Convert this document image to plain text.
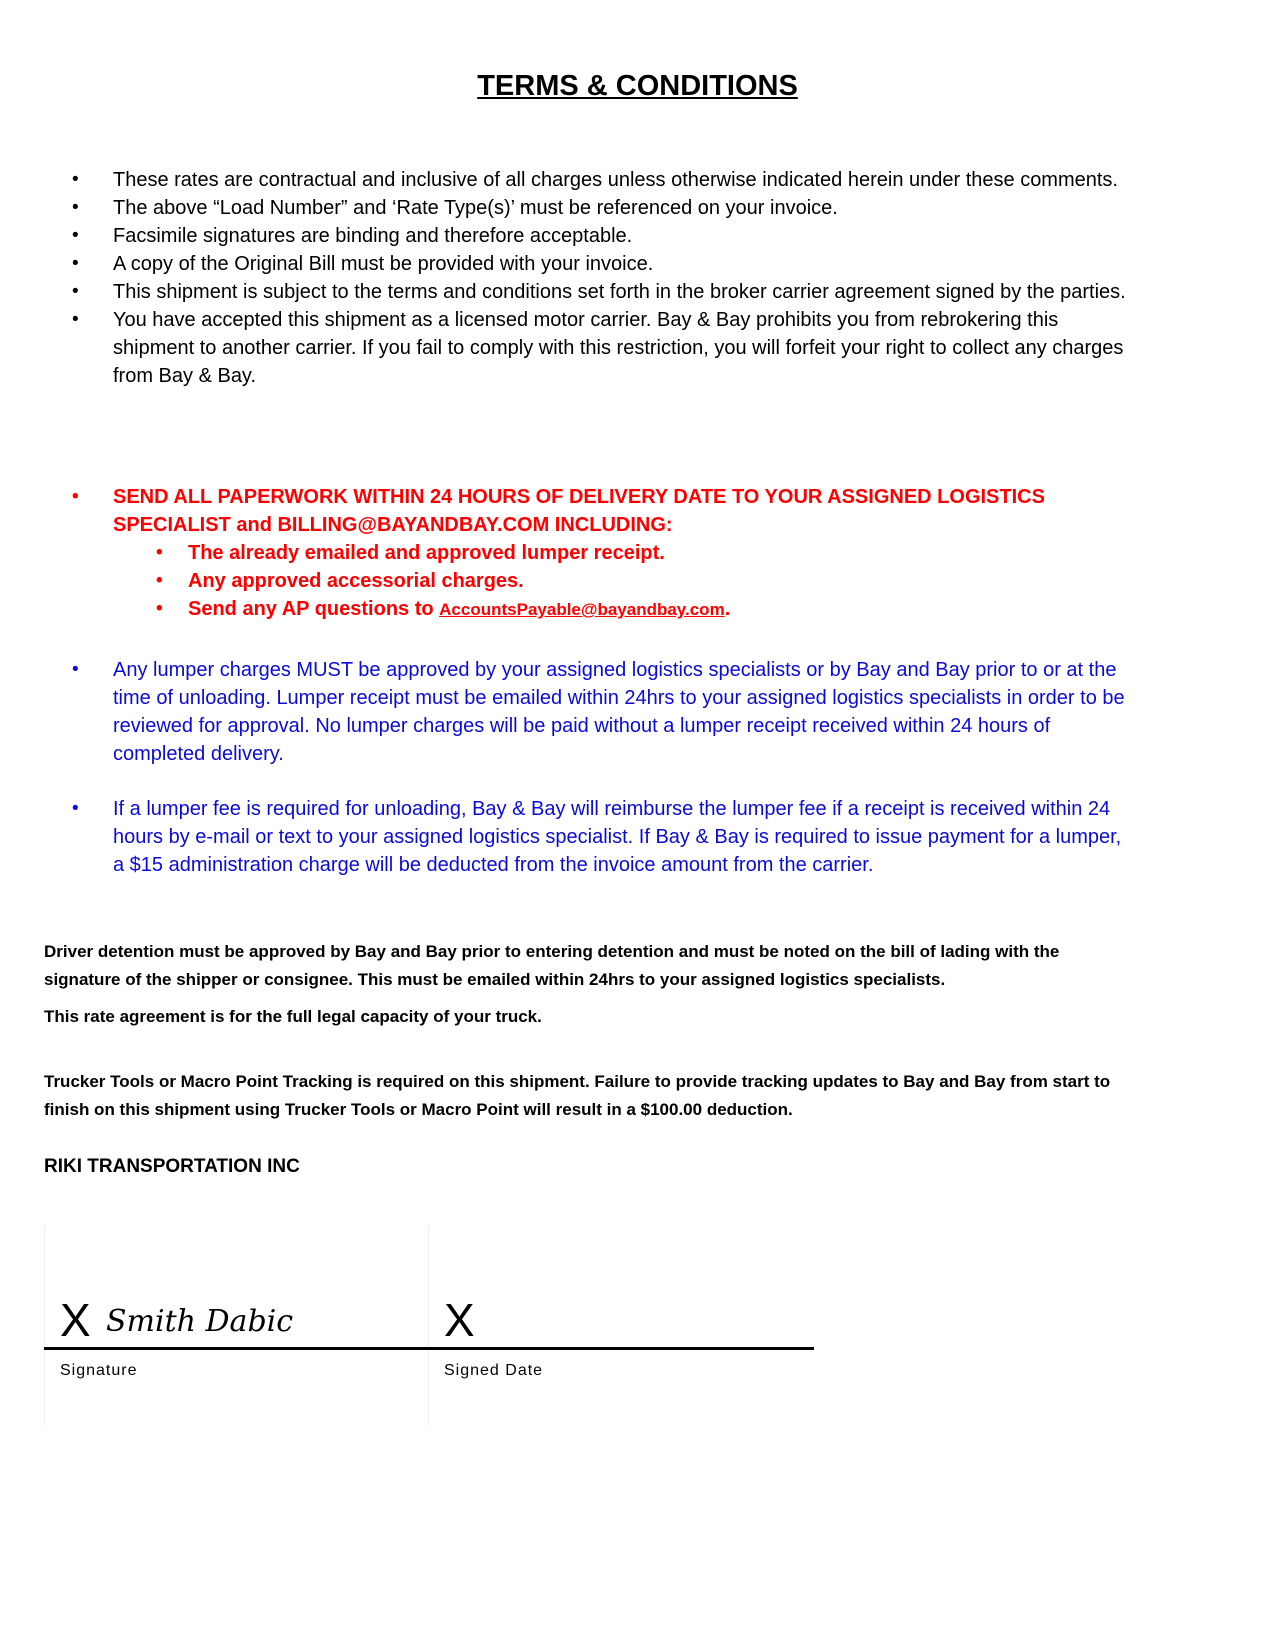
TERMS & CONDITIONS
• These rates are contractual and inclusive of all charges unless otherwise indicated herein under these comments.
• The above “Load Number” and ‘Rate Type(s)’ must be referenced on your invoice.
• Facsimile signatures are binding and therefore acceptable.
• A copy of the Original Bill must be provided with your invoice.
• This shipment is subject to the terms and conditions set forth in the broker carrier agreement signed by the parties.
• You have accepted this shipment as a licensed motor carrier. Bay & Bay prohibits you from rebrokering this shipment to another carrier. If you fail to comply with this restriction, you will forfeit your right to collect any charges from Bay & Bay.
• SEND ALL PAPERWORK WITHIN 24 HOURS OF DELIVERY DATE TO YOUR ASSIGNED LOGISTICS SPECIALIST and BILLING@BAYANDBAY.COM INCLUDING:
• The already emailed and approved lumper receipt.
• Any approved accessorial charges.
• Send any AP questions to AccountsPayable@bayandbay.com.
• Any lumper charges MUST be approved by your assigned logistics specialists or by Bay and Bay prior to or at the time of unloading. Lumper receipt must be emailed within 24hrs to your assigned logistics specialists in order to be reviewed for approval. No lumper charges will be paid without a lumper receipt received within 24 hours of completed delivery.
• If a lumper fee is required for unloading, Bay & Bay will reimburse the lumper fee if a receipt is received within 24 hours by e-mail or text to your assigned logistics specialist. If Bay & Bay is required to issue payment for a lumper, a $15 administration charge will be deducted from the invoice amount from the carrier.
Driver detention must be approved by Bay and Bay prior to entering detention and must be noted on the bill of lading with the signature of the shipper or consignee. This must be emailed within 24hrs to your assigned logistics specialists.
This rate agreement is for the full legal capacity of your truck.
Trucker Tools or Macro Point Tracking is required on this shipment. Failure to provide tracking updates to Bay and Bay from start to finish on this shipment using Trucker Tools or Macro Point will result in a $100.00 deduction.
RIKI TRANSPORTATION INC
X Smith Dabic
Signature
X
Signed Date
